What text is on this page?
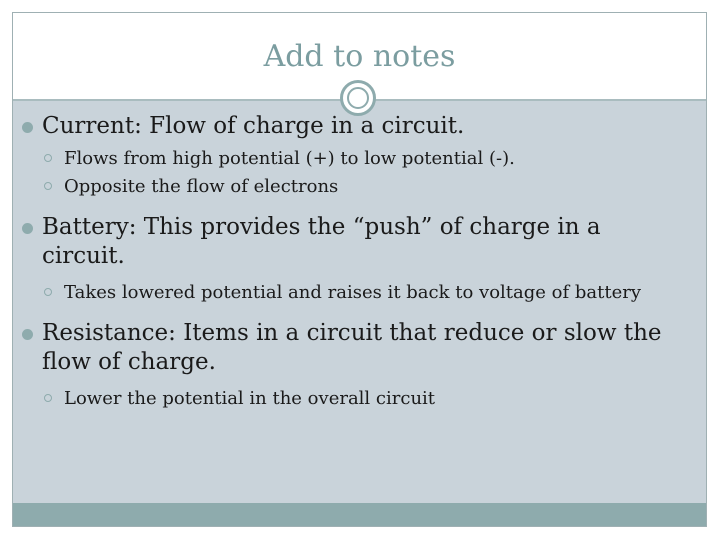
Add to notes
Current: Flow of charge in a circuit.
Flows from high potential (+) to low potential (-).
Opposite the flow of electrons
Battery: This provides the “push” of charge in a circuit.
Takes lowered potential and raises it back to voltage of battery
Resistance: Items in a circuit that reduce or slow the flow of charge.
Lower the potential in the overall circuit
